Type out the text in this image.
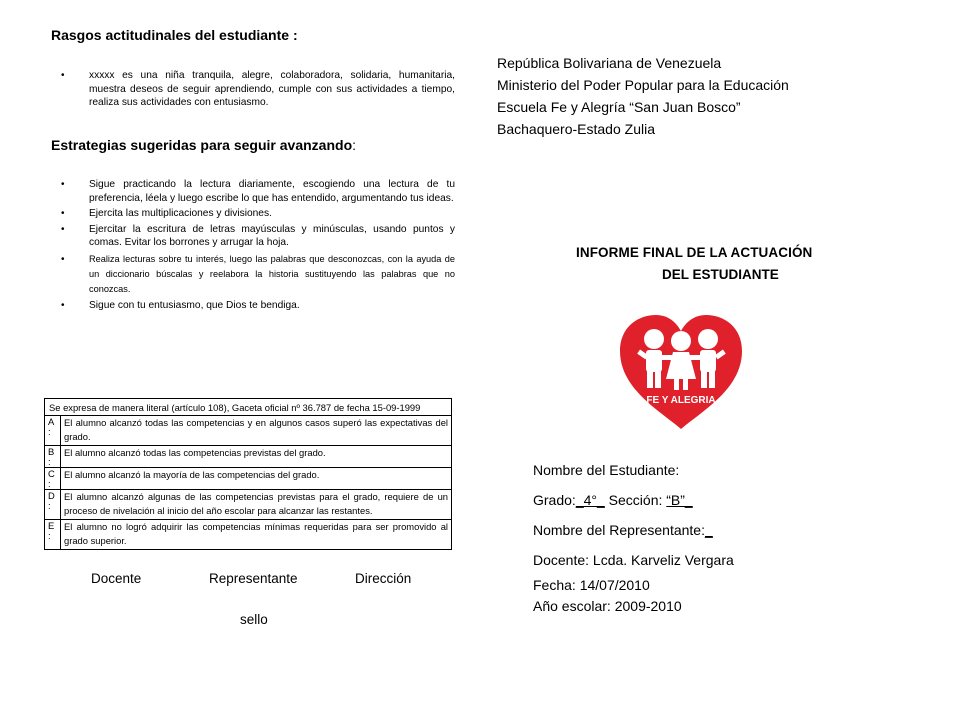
Rasgos actitudinales del estudiante :
• xxxxx es una niña tranquila, alegre, colaboradora, solidaria, humanitaria, muestra deseos de seguir aprendiendo, cumple con sus actividades a tiempo, realiza sus actividades con entusiasmo.
Estrategias sugeridas para seguir avanzando:
• Sigue practicando la lectura diariamente, escogiendo una lectura de tu preferencia, léela y luego escribe lo que has entendido, argumentando tus ideas.
• Ejercita las multiplicaciones y divisiones.
• Ejercitar la escritura de letras mayúsculas y minúsculas, usando puntos y comas. Evitar los borrones y arrugar la hoja.
• Realiza lecturas sobre tu interés, luego las palabras que desconozcas, con la ayuda de un diccionario búscalas y reelabora la historia sustituyendo las palabras que no conozcas.
• Sigue con tu entusiasmo, que Dios te bendiga.
Se expresa de manera literal (artículo 108), Gaceta oficial nº 36.787 de fecha 15-09-1999
A
:
El alumno alcanzó todas las competencias y en algunos casos superó las expectativas del grado.
B
:
El alumno alcanzó todas las competencias previstas del grado.
C
:
El alumno alcanzó la mayoría de las competencias del grado.
D
:
El alumno alcanzó algunas de las competencias previstas para el grado, requiere de un proceso de nivelación al inicio del año escolar para alcanzar las restantes.
E
:
El alumno no logró adquirir las competencias mínimas requeridas para ser promovido al grado superior.
Docente	Representante	Dirección
sello
República Bolivariana de Venezuela
Ministerio del Poder Popular para la Educación
Escuela Fe y Alegría “San Juan Bosco”
Bachaquero-Estado Zulia
INFORME FINAL DE LA ACTUACIÓN
DEL ESTUDIANTE
FE Y ALEGRIA
Nombre del Estudiante:
Grado:_4°_ Sección: “B”_
Nombre del Representante:_
Docente: Lcda. Karveliz Vergara
Fecha: 14/07/2010
Año escolar: 2009-2010
